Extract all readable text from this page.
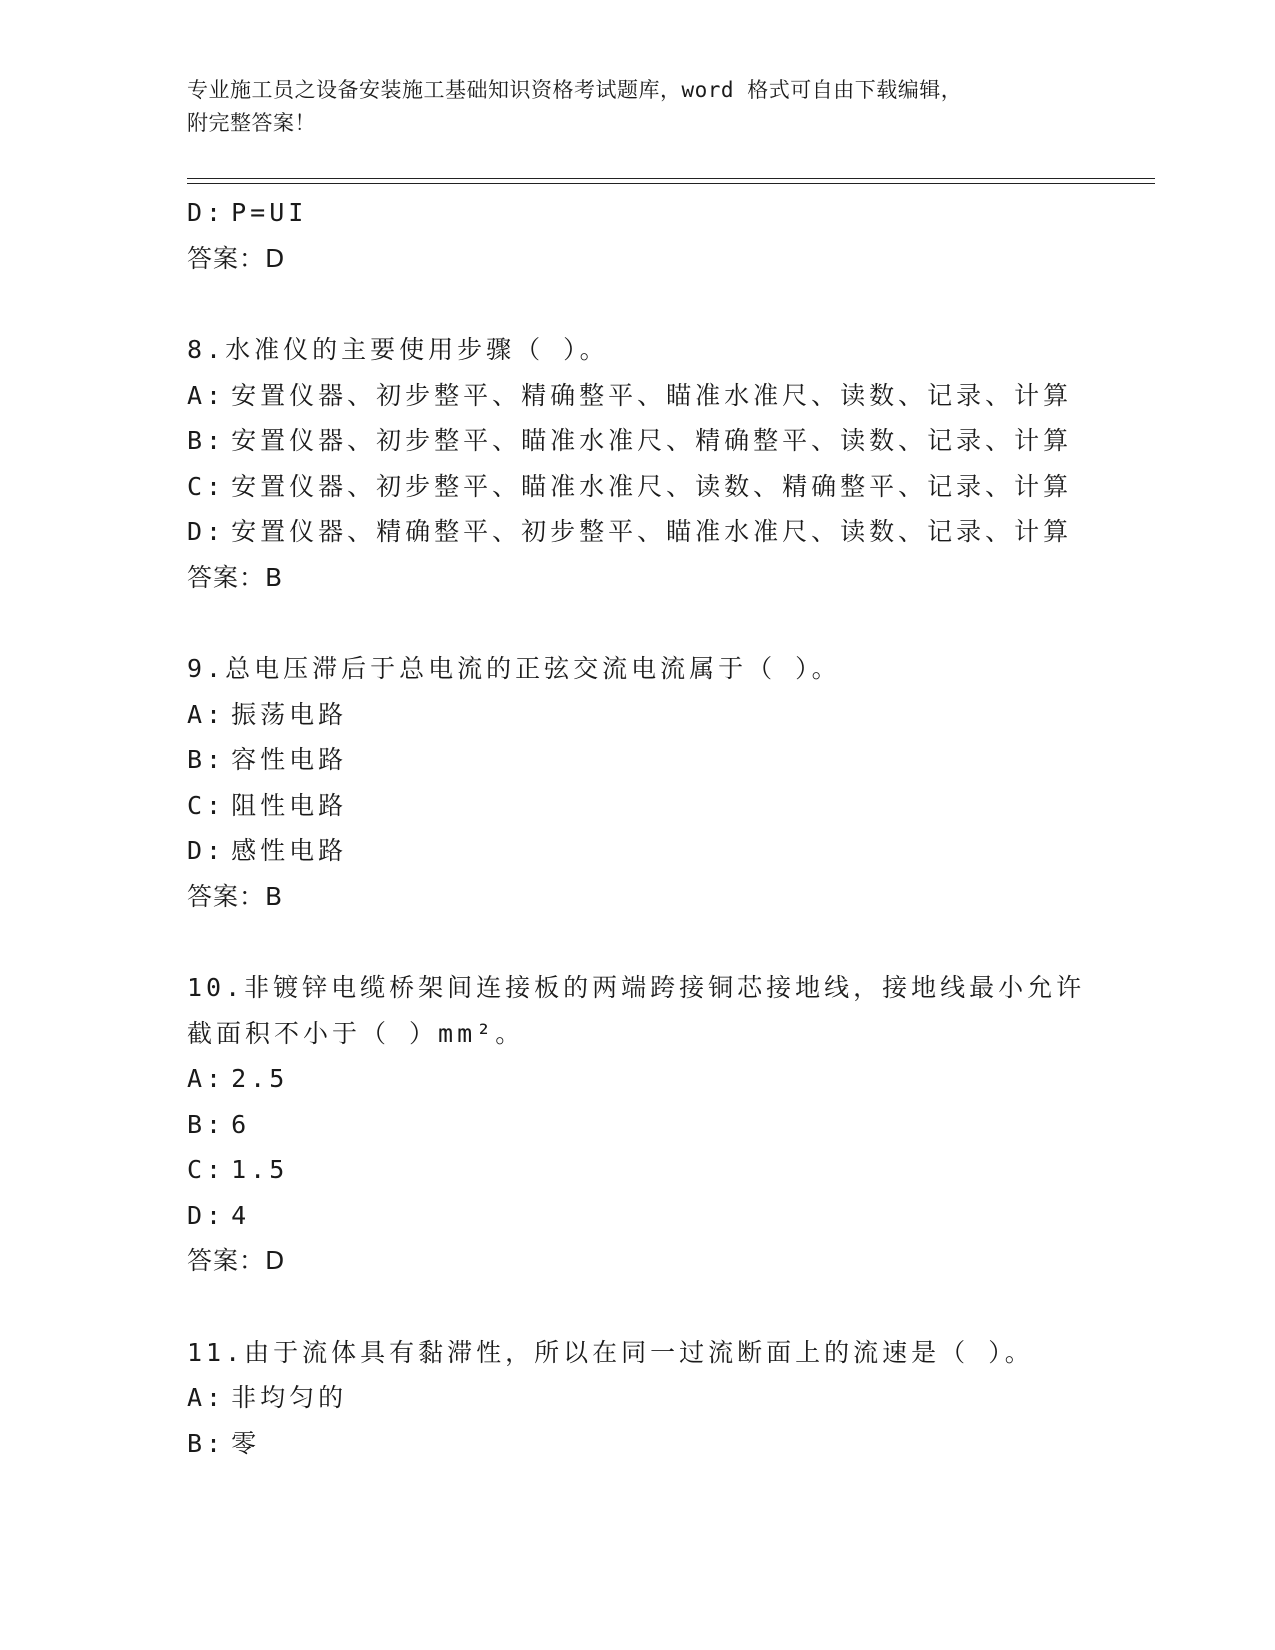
专业施工员之设备安装施工基础知识资格考试题库，word 格式可自由下载编辑，
附完整答案！
D: P=UI
答案：D
8.水准仪的主要使用步骤（ ）。
A: 安置仪器、初步整平、精确整平、瞄准水准尺、读数、记录、计算
B: 安置仪器、初步整平、瞄准水准尺、精确整平、读数、记录、计算
C: 安置仪器、初步整平、瞄准水准尺、读数、精确整平、记录、计算
D: 安置仪器、精确整平、初步整平、瞄准水准尺、读数、记录、计算
答案：B
9.总电压滞后于总电流的正弦交流电流属于（ ）。
A: 振荡电路
B: 容性电路
C: 阻性电路
D: 感性电路
答案：B
10.非镀锌电缆桥架间连接板的两端跨接铜芯接地线，接地线最小允许
截面积不小于（ ）mm²。
A: 2.5
B: 6
C: 1.5
D: 4
答案：D
11.由于流体具有黏滞性，所以在同一过流断面上的流速是（ ）。
A: 非均匀的
B: 零
